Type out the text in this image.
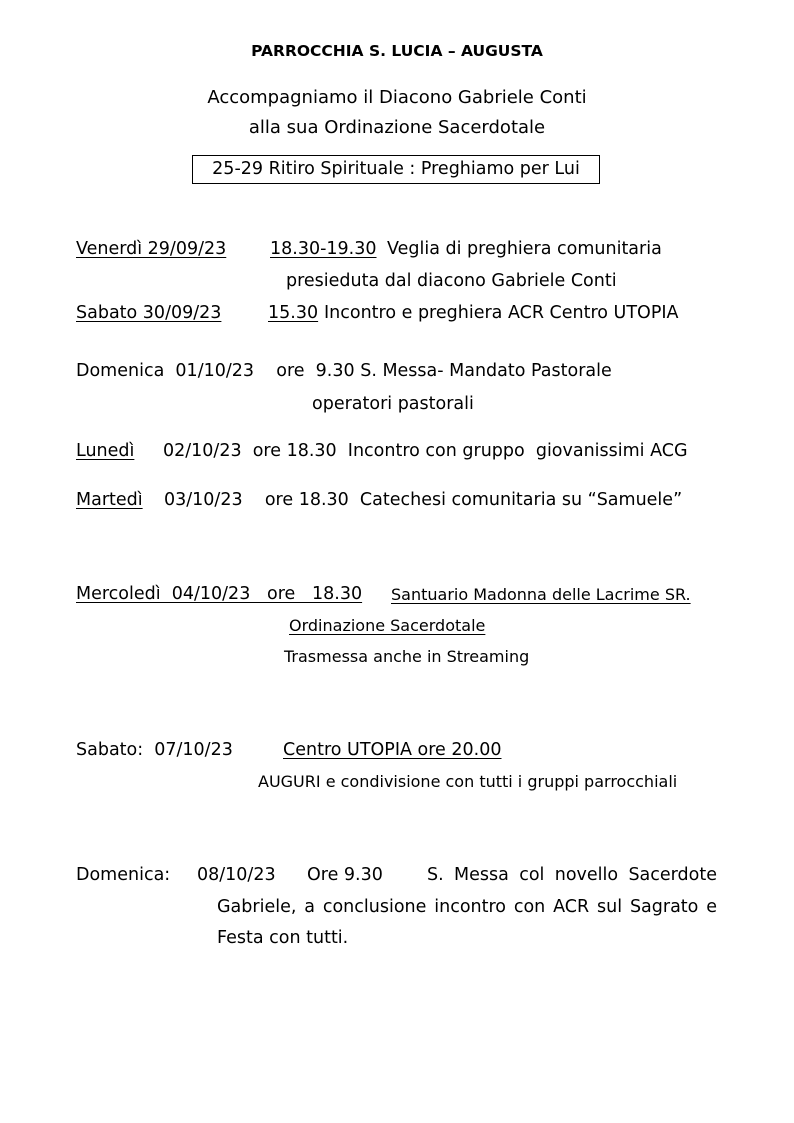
PARROCCHIA S. LUCIA – AUGUSTA
Accompagniamo il Diacono Gabriele Conti
alla sua Ordinazione Sacerdotale
25-29 Ritiro Spirituale : Preghiamo per Lui
Venerdì 29/09/23 18.30-19.30 Veglia di preghiera comunitaria
presieduta dal diacono Gabriele Conti
Sabato 30/09/23	15.30 Incontro e preghiera ACR Centro UTOPIA
Domenica  01/10/23    ore  9.30 S. Messa- Mandato Pastorale
operatori pastorali
Lunedì 02/10/23  ore 18.30  Incontro con gruppo  giovanissimi ACG
Martedì 03/10/23    ore 18.30  Catechesi comunitaria su “Samuele”
Mercoledì  04/10/23   ore   18.30 Santuario Madonna delle Lacrime SR.
Ordinazione Sacerdotale
Trasmessa anche in Streaming
Sabato:  07/10/23	Centro UTOPIA ore 20.00
AUGURI e condivisione con tutti i gruppi parrocchiali
Domenica: 08/10/23 Ore 9.30	S. Messa col novello Sacerdote
Gabriele, a conclusione incontro con ACR sul Sagrato e Festa con tutti.
